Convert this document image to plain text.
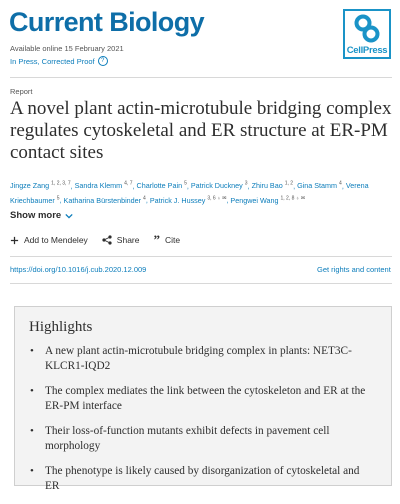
Current Biology
Available online 15 February 2021
In Press, Corrected Proof	?
CellPress
Report
A novel plant actin-microtubule bridging complex regulates cytoskeletal and ER structure at ER-PM contact sites
Jingze Zang $^{1, 2, 3, 7}$, Sandra Klemm $^{4, 7}$, Charlotte Pain $^5$, Patrick Duckney $^3$, Zhiru Bao $^{1, 2}$, Gina Stamm $^4$, Verena Kriechbaumer $^5$, Katharina Bürstenbinder $^4$, Patrick J. Hussey $^{3, 6 ♁ ✉}$, Pengwei Wang $^{1, 2, 8 ♁ ✉}$
Show more
Add to Mendeley	Share ” Cite
https://doi.org/10.1016/j.cub.2020.12.009	Get rights and content
Highlights
• A new plant actin-microtubule bridging complex in plants: NET3C-KLCR1-IQD2
• The complex mediates the link between the cytoskeleton and ER at the ER-PM interface
• Their loss-of-function mutants exhibit defects in pavement cell morphology
• The phenotype is likely caused by disorganization of cytoskeletal and ER
